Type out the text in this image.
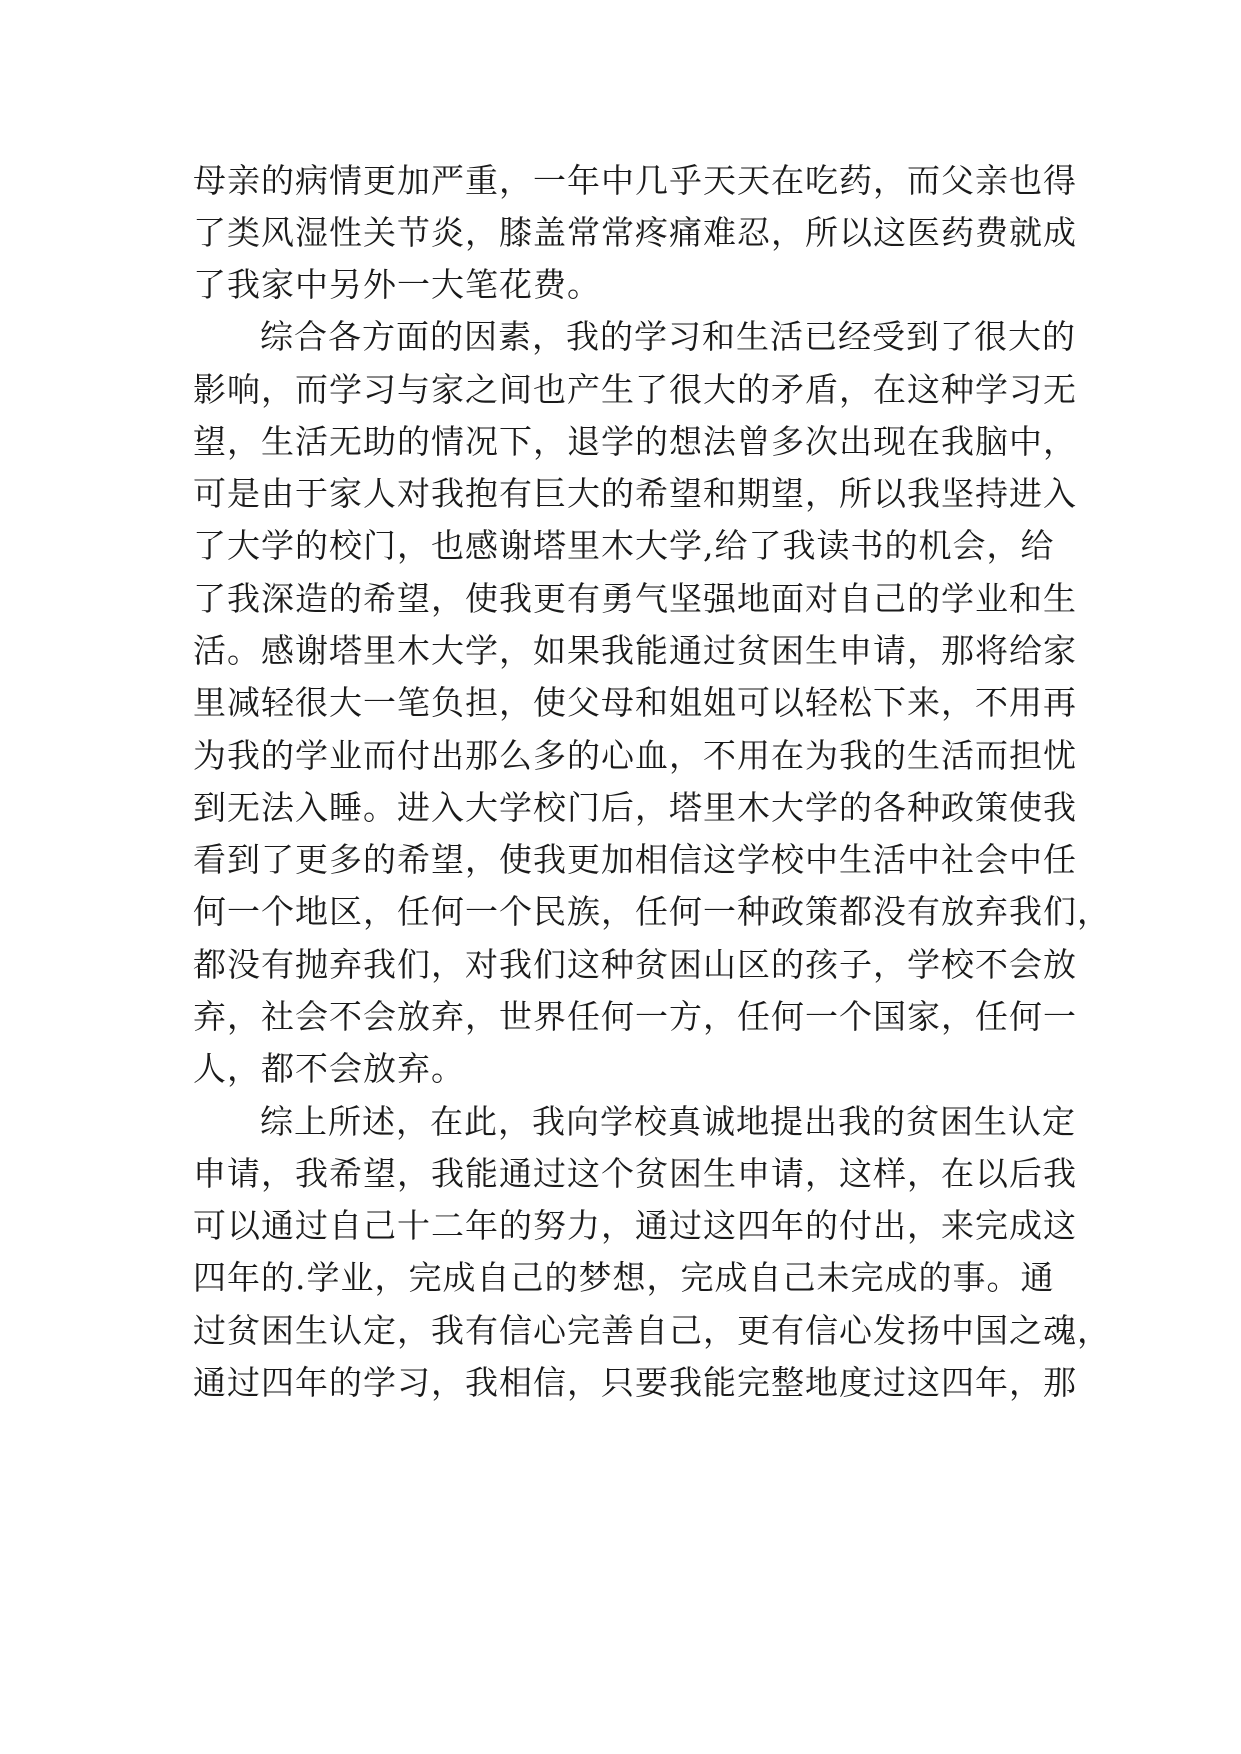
母亲的病情更加严重，一年中几乎天天在吃药，而父亲也得
了类风湿性关节炎，膝盖常常疼痛难忍，所以这医药费就成
了我家中另外一大笔花费。
综合各方面的因素，我的学习和生活已经受到了很大的
影响，而学习与家之间也产生了很大的矛盾，在这种学习无
望，生活无助的情况下，退学的想法曾多次出现在我脑中，
可是由于家人对我抱有巨大的希望和期望，所以我坚持进入
了大学的校门，也感谢塔里木大学,给了我读书的机会，给
了我深造的希望，使我更有勇气坚强地面对自己的学业和生
活。感谢塔里木大学，如果我能通过贫困生申请，那将给家
里减轻很大一笔负担，使父母和姐姐可以轻松下来，不用再
为我的学业而付出那么多的心血，不用在为我的生活而担忧
到无法入睡。进入大学校门后，塔里木大学的各种政策使我
看到了更多的希望，使我更加相信这学校中生活中社会中任
何一个地区，任何一个民族，任何一种政策都没有放弃我们，
都没有抛弃我们，对我们这种贫困山区的孩子，学校不会放
弃，社会不会放弃，世界任何一方，任何一个国家，任何一
人，都不会放弃。
综上所述，在此，我向学校真诚地提出我的贫困生认定
申请，我希望，我能通过这个贫困生申请，这样，在以后我
可以通过自己十二年的努力，通过这四年的付出，来完成这
四年的.学业，完成自己的梦想，完成自己未完成的事。通
过贫困生认定，我有信心完善自己，更有信心发扬中国之魂，
通过四年的学习，我相信，只要我能完整地度过这四年，那
